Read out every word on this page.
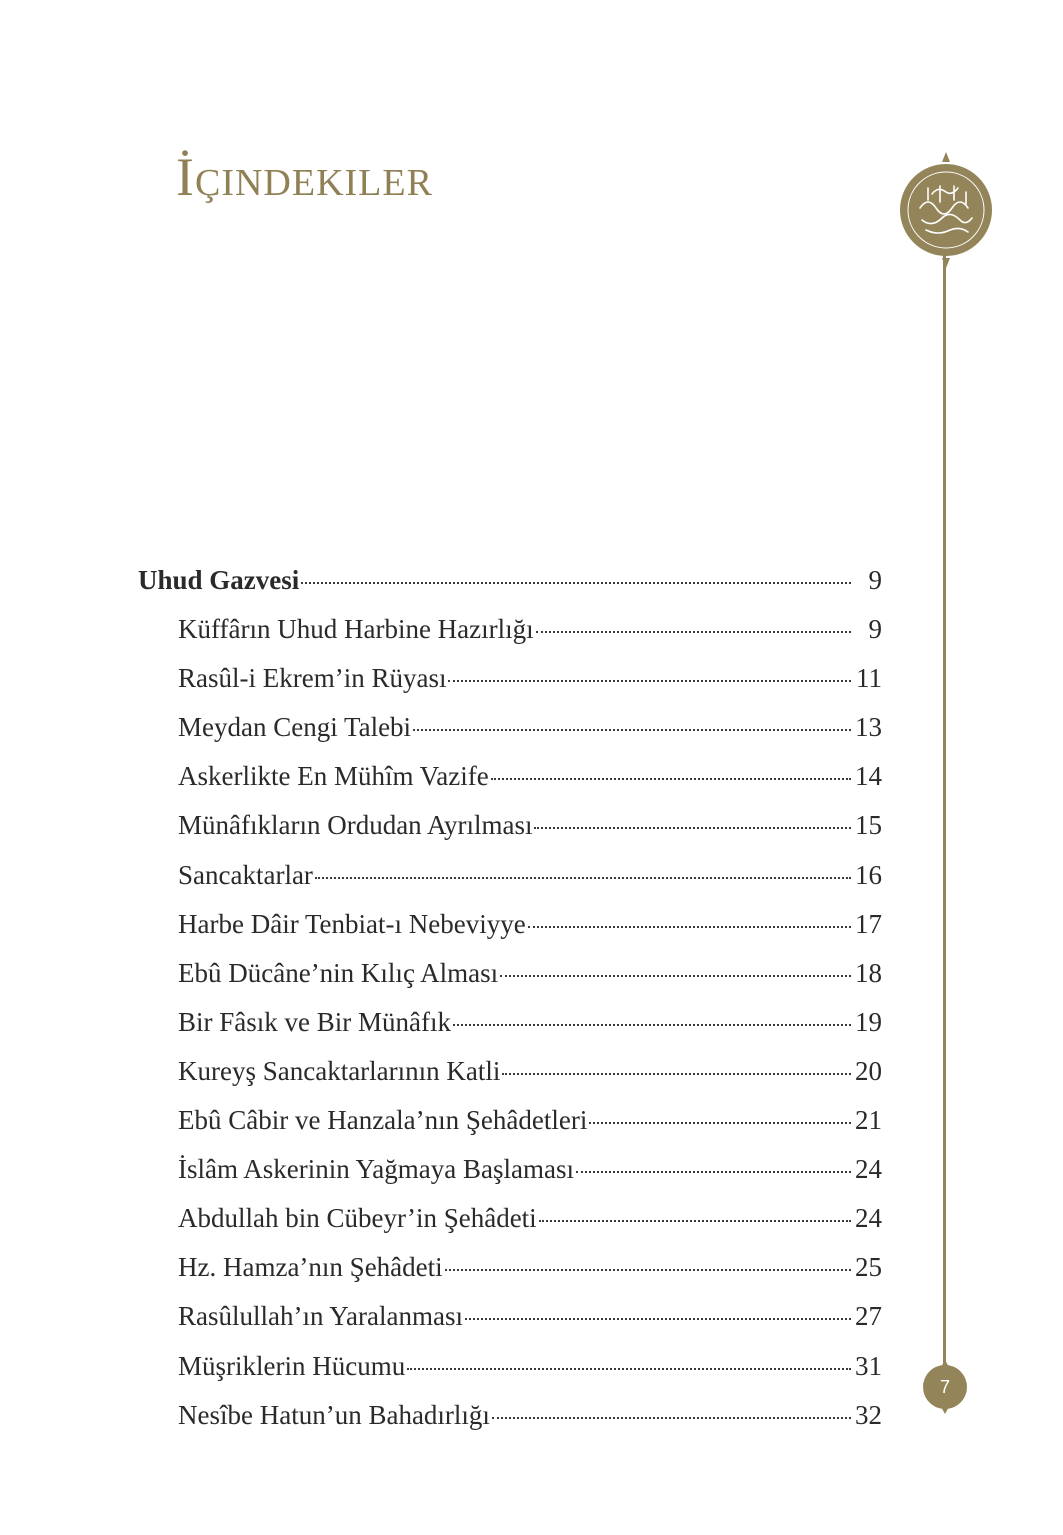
İçindekiler
7
Uhud Gazvesi	9
Küffârın Uhud Harbine Hazırlığı	9
Rasûl-i Ekrem’in Rüyası	11
Meydan Cengi Talebi	13
Askerlikte En Mühîm Vazife	14
Münâfıkların Ordudan Ayrılması	15
Sancaktarlar	16
Harbe Dâir Tenbiat-ı Nebeviyye	17
Ebû Dücâne’nin Kılıç Alması	18
Bir Fâsık ve Bir Münâfık	19
Kureyş Sancaktarlarının Katli	20
Ebû Câbir ve Hanzala’nın Şehâdetleri	21
İslâm Askerinin Yağmaya Başlaması	24
Abdullah bin Cübeyr’in Şehâdeti	24
Hz. Hamza’nın Şehâdeti	25
Rasûlullah’ın Yaralanması	27
Müşriklerin Hücumu	31
Nesîbe Hatun’un Bahadırlığı	32
